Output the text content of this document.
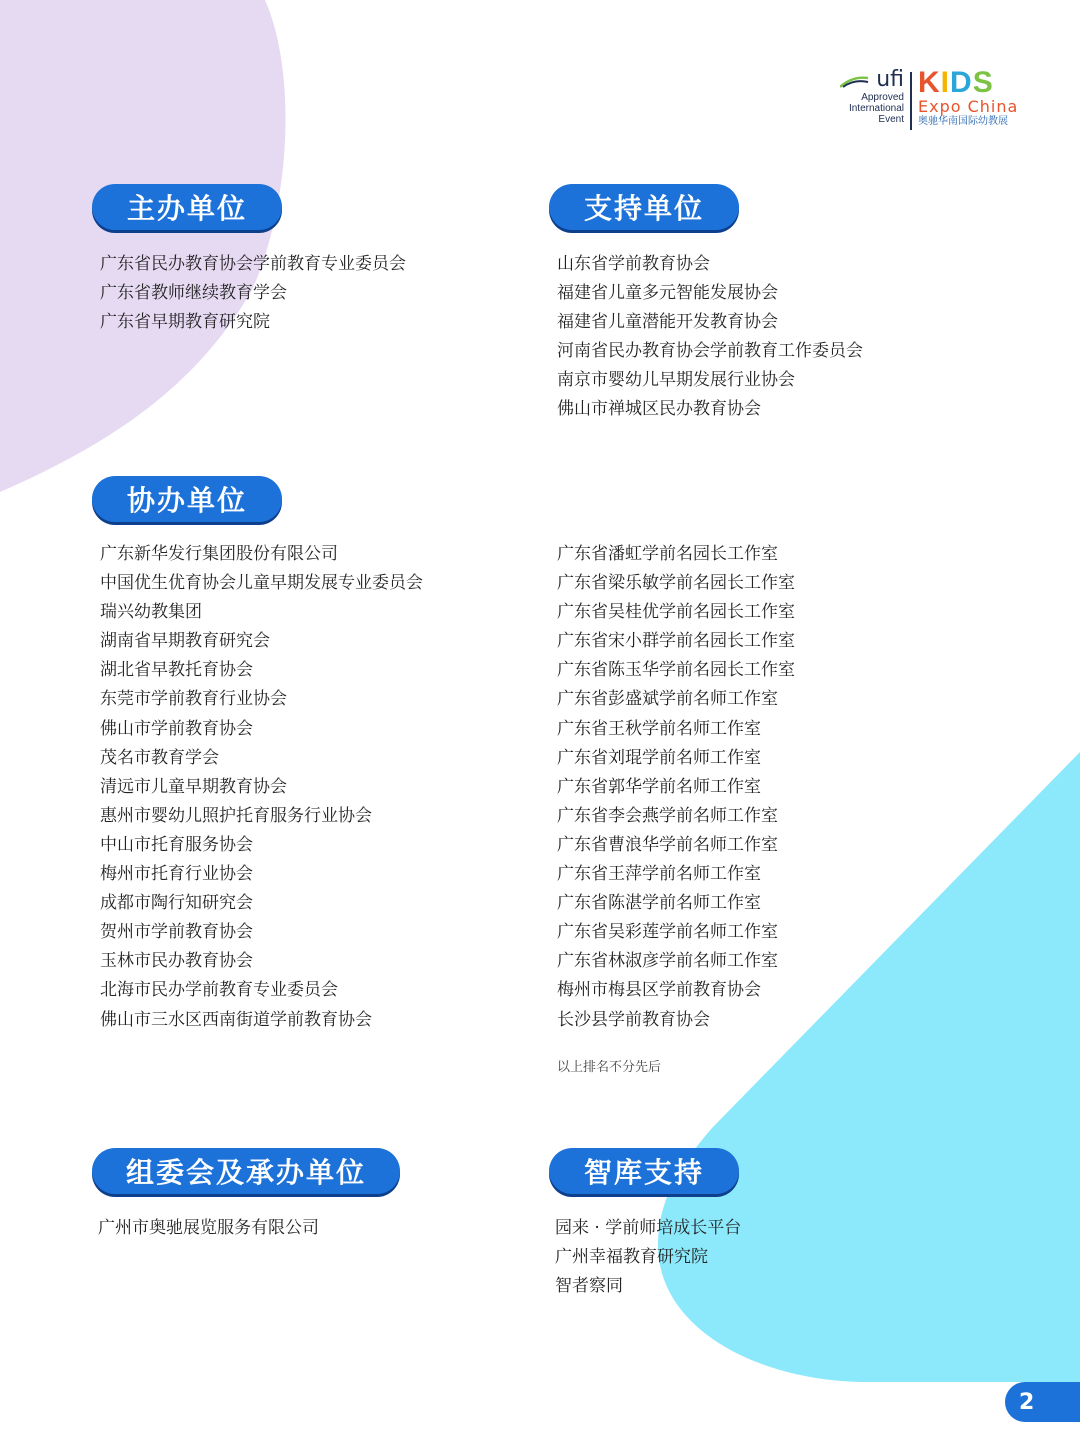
ufi
Approved
International
Event
KIDS
Expo China
奥驰华南国际幼教展
主办单位
广东省民办教育协会学前教育专业委员会
广东省教师继续教育学会
广东省早期教育研究院
支持单位
山东省学前教育协会
福建省儿童多元智能发展协会
福建省儿童潜能开发教育协会
河南省民办教育协会学前教育工作委员会
南京市婴幼儿早期发展行业协会
佛山市禅城区民办教育协会
协办单位
广东新华发行集团股份有限公司
中国优生优育协会儿童早期发展专业委员会
瑞兴幼教集团
湖南省早期教育研究会
湖北省早教托育协会
东莞市学前教育行业协会
佛山市学前教育协会
茂名市教育学会
清远市儿童早期教育协会
惠州市婴幼儿照护托育服务行业协会
中山市托育服务协会
梅州市托育行业协会
成都市陶行知研究会
贺州市学前教育协会
玉林市民办教育协会
北海市民办学前教育专业委员会
佛山市三水区西南街道学前教育协会
广东省潘虹学前名园长工作室
广东省梁乐敏学前名园长工作室
广东省吴桂优学前名园长工作室
广东省宋小群学前名园长工作室
广东省陈玉华学前名园长工作室
广东省彭盛斌学前名师工作室
广东省王秋学前名师工作室
广东省刘琨学前名师工作室
广东省郭华学前名师工作室
广东省李会燕学前名师工作室
广东省曹浪华学前名师工作室
广东省王萍学前名师工作室
广东省陈湛学前名师工作室
广东省吴彩莲学前名师工作室
广东省林淑彦学前名师工作室
梅州市梅县区学前教育协会
长沙县学前教育协会
以上排名不分先后
组委会及承办单位
广州市奥驰展览服务有限公司
智库支持
园来 · 学前师培成长平台
广州幸福教育研究院
智者察同
2
